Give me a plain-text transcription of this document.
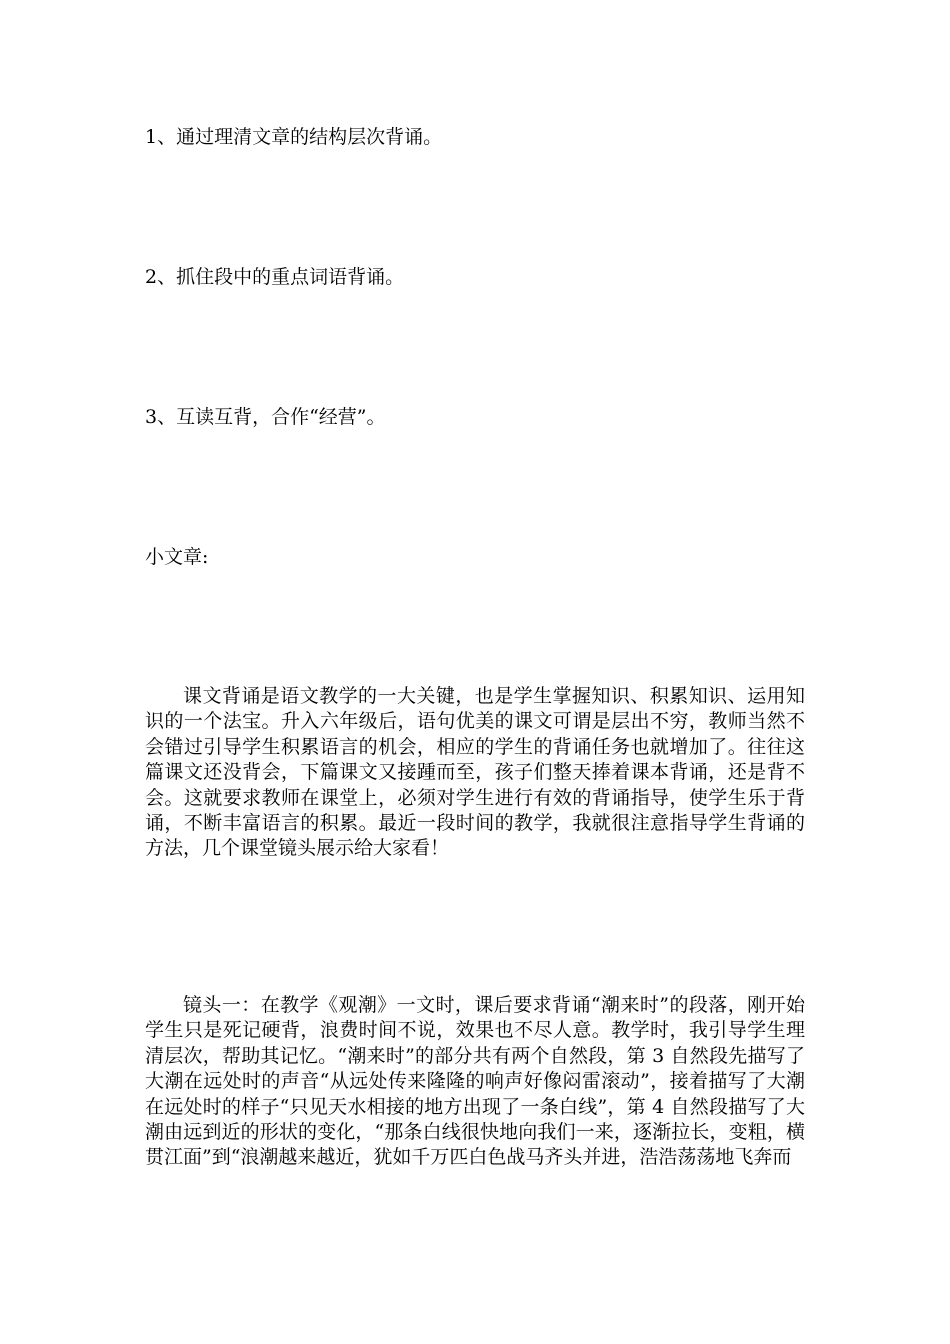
1、通过理清文章的结构层次背诵。
2、抓住段中的重点词语背诵。
3、互读互背，合作“经营”。
小文章:

课文背诵是语文教学的一大关键，也是学生掌握知识、积累知识、运用知识的一个法宝。升入六年级后，语句优美的课文可谓是层出不穷，教师当然不会错过引导学生积累语言的机会，相应的学生的背诵任务也就增加了。往往这篇课文还没背会，下篇课文又接踵而至，孩子们整天捧着课本背诵，还是背不会。这就要求教师在课堂上，必须对学生进行有效的背诵指导，使学生乐于背诵，不断丰富语言的积累。最近一段时间的教学，我就很注意指导学生背诵的方法，几个课堂镜头展示给大家看！

镜头一：在教学《观潮》一文时，课后要求背诵“潮来时”的段落，刚开始学生只是死记硬背，浪费时间不说，效果也不尽人意。教学时，我引导学生理清层次，帮助其记忆。“潮来时”的部分共有两个自然段，第 3 自然段先描写了大潮在远处时的声音“从远处传来隆隆的响声好像闷雷滚动”，接着描写了大潮在远处时的样子“只见天水相接的地方出现了一条白线”，第 4 自然段描写了大潮由远到近的形状的变化，“那条白线很快地向我们一来，逐渐拉长，变粗，横贯江面”到“浪潮越来越近，犹如千万匹白色战马齐头并进，浩浩荡荡地飞奔而
